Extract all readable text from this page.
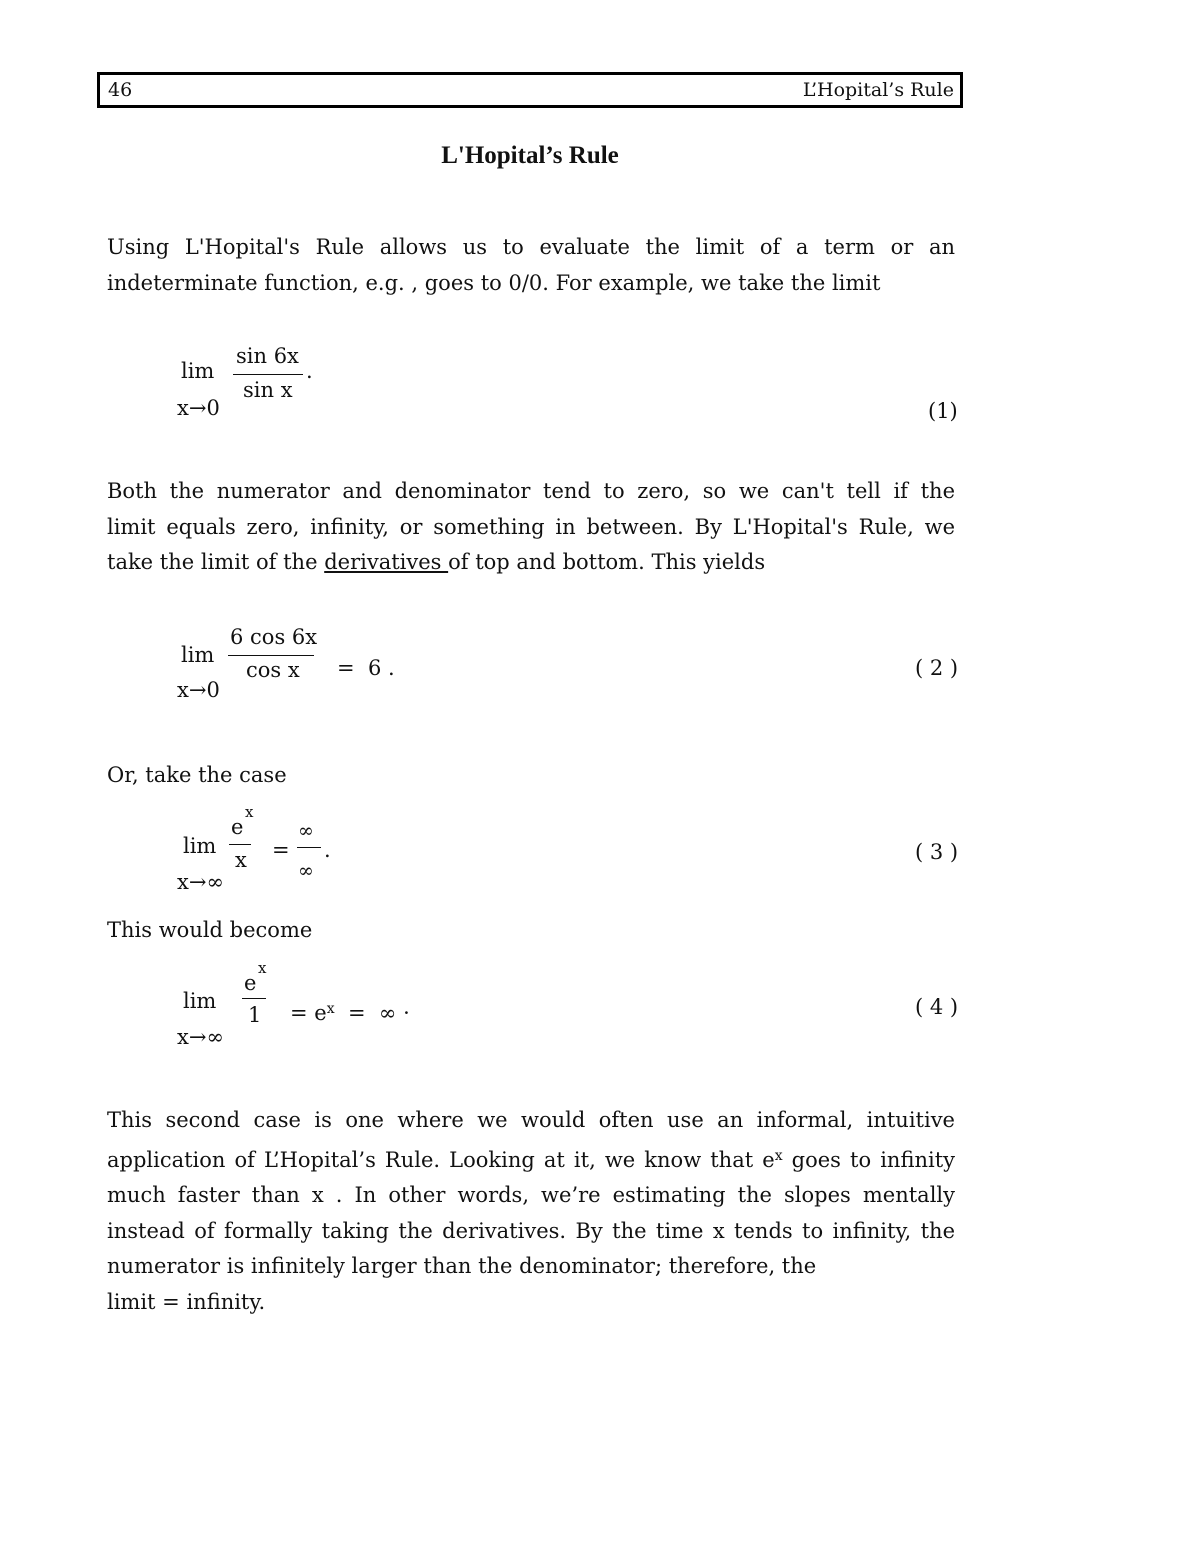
46	L’Hopital’s Rule
L'Hopital’s Rule
Using L'Hopital's Rule allows us to evaluate the limit of a term or an
indeterminate function, e.g. , goes to 0/0. For example, we take the limit
lim
x→0
sin 6x
sin x
.
(1)
Both the numerator and denominator tend to zero, so we can't tell if the
limit equals zero, infinity, or something in between. By L'Hopital's Rule, we
take the limit of the derivatives of top and bottom. This yields
lim
x→0
6 cos 6x
cos x = 6 .	( 2 )
Or, take the case
lim
x→∞
e
x
x =
∞
∞
.	( 3 )
This would become
lim
x→∞
e
x
$1 = e^x$  =  ∞ ·	( 4 )
This second case is one where we would often use an informal, intuitive
application of L’Hopital’s Rule. Looking at it, we know that $e^x$ goes to infinity
much faster than x . In other words, we’re estimating the slopes mentally
instead of formally taking the derivatives. By the time x tends to infinity, the
numerator is infinitely larger than the denominator; therefore, the
limit = infinity.
